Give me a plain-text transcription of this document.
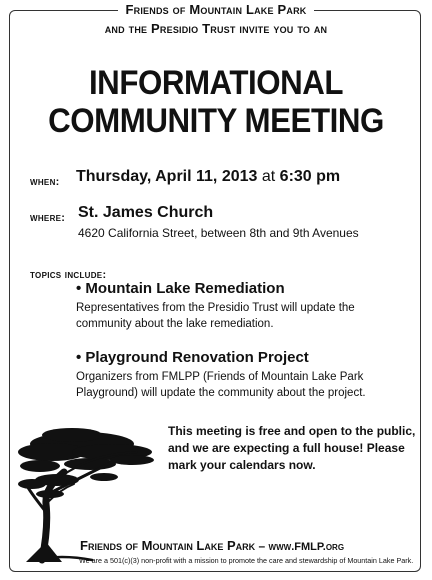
Friends of Mountain Lake Park
and the Presidio Trust invite you to an
INFORMATIONAL
COMMUNITY MEETING
when: Thursday, April 11, 2013 at 6:30 pm
where: St. James Church
4620 California Street, between 8th and 9th Avenues
topics include:
• Mountain Lake Remediation
Representatives from the Presidio Trust will update the community about the lake remediation.
• Playground Renovation Project
Organizers from FMLPP (Friends of Mountain Lake Park Playground) will update the community about the project.
This meeting is free and open to the public, and we are expecting a full house! Please mark your calendars now.
Friends of Mountain Lake Park – www.FMLP.org
We are a 501(c)(3) non-profit with a mission to promote the care and stewardship of Mountain Lake Park.
